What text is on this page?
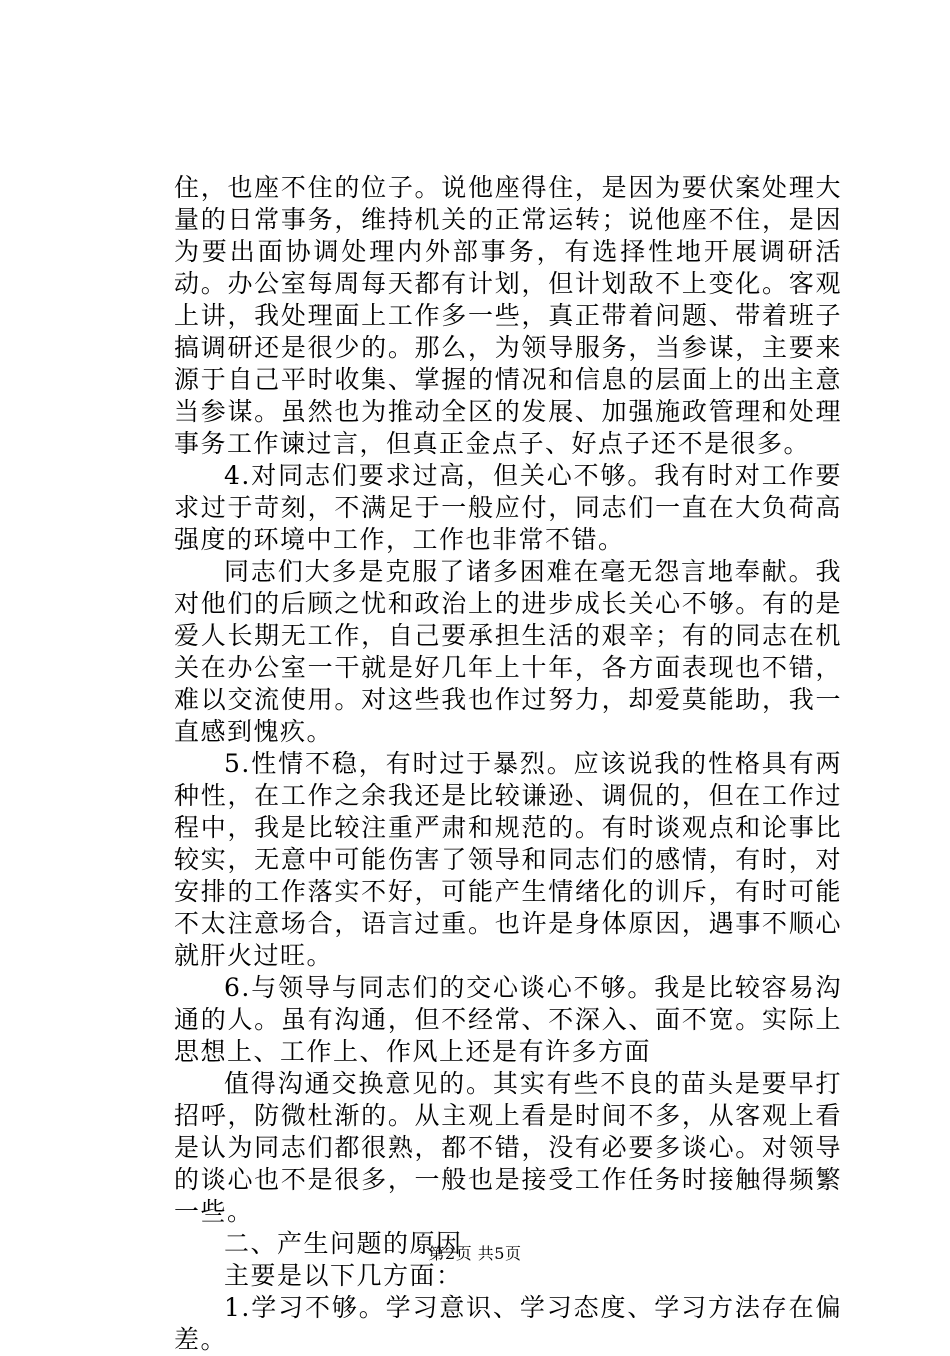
住，也座不住的位子。说他座得住，是因为要伏案处理大量的日常事务，维持机关的正常运转；说他座不住，是因为要出面协调处理内外部事务，有选择性地开展调研活动。办公室每周每天都有计划，但计划敌不上变化。客观上讲，我处理面上工作多一些，真正带着问题、带着班子搞调研还是很少的。那么，为领导服务，当参谋，主要来源于自己平时收集、掌握的情况和信息的层面上的出主意当参谋。虽然也为推动全区的发展、加强施政管理和处理事务工作谏过言，但真正金点子、好点子还不是很多。

4.对同志们要求过高，但关心不够。我有时对工作要求过于苛刻，不满足于一般应付，同志们一直在大负荷高强度的环境中工作，工作也非常不错。

同志们大多是克服了诸多困难在毫无怨言地奉献。我对他们的后顾之忧和政治上的进步成长关心不够。有的是爱人长期无工作，自己要承担生活的艰辛；有的同志在机关在办公室一干就是好几年上十年，各方面表现也不错，难以交流使用。对这些我也作过努力，却爱莫能助，我一直感到愧疚。

5.性情不稳，有时过于暴烈。应该说我的性格具有两种性，在工作之余我还是比较谦逊、调侃的，但在工作过程中，我是比较注重严肃和规范的。有时谈观点和论事比较实，无意中可能伤害了领导和同志们的感情，有时，对安排的工作落实不好，可能产生情绪化的训斥，有时可能不太注意场合，语言过重。也许是身体原因，遇事不顺心就肝火过旺。

6.与领导与同志们的交心谈心不够。我是比较容易沟通的人。虽有沟通，但不经常、不深入、面不宽。实际上思想上、工作上、作风上还是有许多方面

值得沟通交换意见的。其实有些不良的苗头是要早打招呼，防微杜渐的。从主观上看是时间不多，从客观上看是认为同志们都很熟，都不错，没有必要多谈心。对领导的谈心也不是很多，一般也是接受工作任务时接触得频繁一些。

二、产生问题的原因

主要是以下几方面：

1.学习不够。学习意识、学习态度、学习方法存在偏差。

第2页 共5页
